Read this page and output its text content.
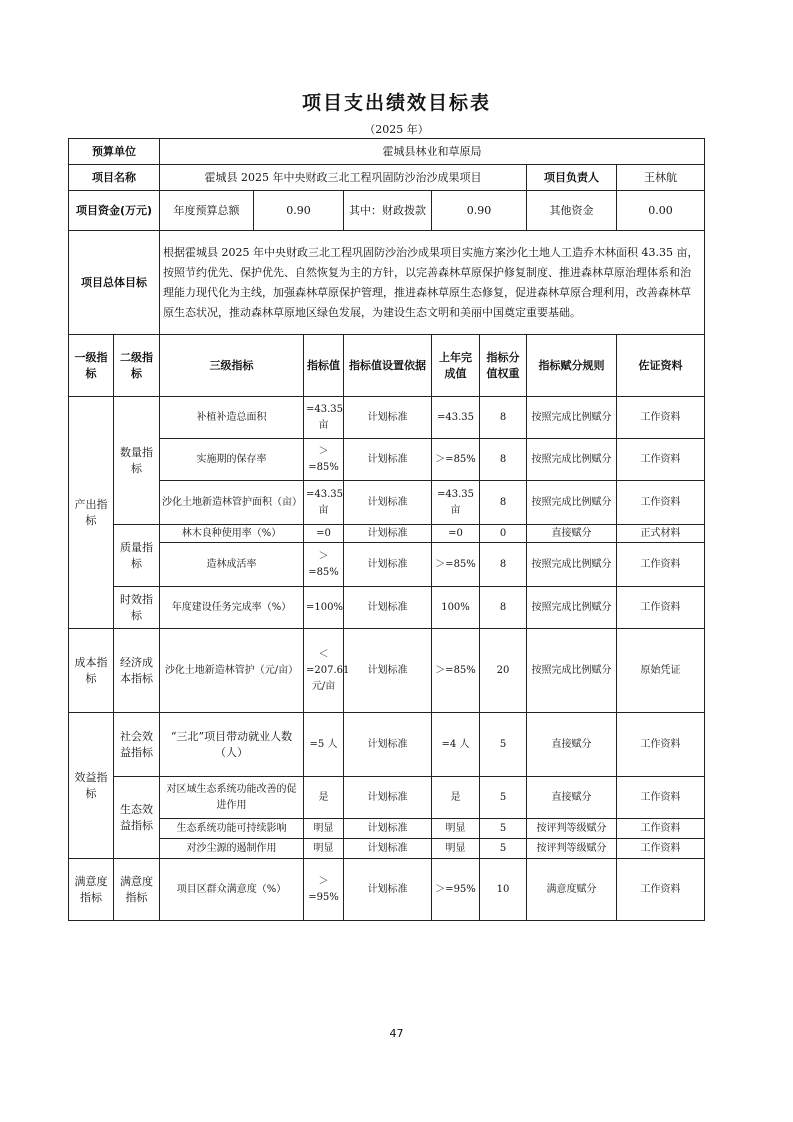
项目支出绩效目标表
（2025 年）
预算单位		霍城县林业和草原局							
项目名称		霍城县 2025 年中央财政三北工程巩固防沙治沙成果项目						项目负责人	王林航
项目资金(万元)		年度预算总额	0.90		其中：财政拨款	0.90		其他资金	0.00
项目总体目标		根据霍城县 2025 年中央财政三北工程巩固防沙治沙成果项目实施方案沙化土地人工造乔木林面积 43.35 亩，按照节约优先、保护优先、自然恢复为主的方针，以完善森林草原保护修复制度、推进森林草原治理体系和治理能力现代化为主线，加强森林草原保护管理，推进森林草原生态修复，促进森林草原合理利用，改善森林草原生态状况，推动森林草原地区绿色发展，为建设生态文明和美丽中国奠定重要基础。							
一级指标	二级指标	三级指标		指标值	指标值设置依据	上年完成值	指标分值权重	指标赋分规则	佐证资料
产出指标	数量指标	补植补造总面积		=43.35 亩	计划标准	=43.35	8	按照完成比例赋分	工作资料
		实施期的保存率		＞=85%	计划标准	＞=85%	8	按照完成比例赋分	工作资料
		沙化土地新造林管护面积（亩）		=43.35 亩	计划标准	=43.35 亩	8	按照完成比例赋分	工作资料
	质量指标	林木良种使用率（%）		=0	计划标准	=0	0	直接赋分	正式材料
		造林成活率		＞=85%	计划标准	＞=85%	8	按照完成比例赋分	工作资料
	时效指标	年度建设任务完成率（%）		=100%	计划标准	100%	8	按照完成比例赋分	工作资料
成本指标	经济成本指标	沙化土地新造林管护（元/亩）		＜=207.61 元/亩	计划标准	＞=85%	20	按照完成比例赋分	原始凭证
效益指标	社会效益指标	“三北”项目带动就业人数（人）		=5 人	计划标准	=4 人	5	直接赋分	工作资料
	生态效益指标	对区域生态系统功能改善的促进作用		是	计划标准	是	5	直接赋分	工作资料
		生态系统功能可持续影响		明显	计划标准	明显	5	按评判等级赋分	工作资料
		对沙尘源的遏制作用		明显	计划标准	明显	5	按评判等级赋分	工作资料
满意度指标	满意度指标	项目区群众满意度（%）		＞=95%	计划标准	＞=95%	10	满意度赋分	工作资料
47
